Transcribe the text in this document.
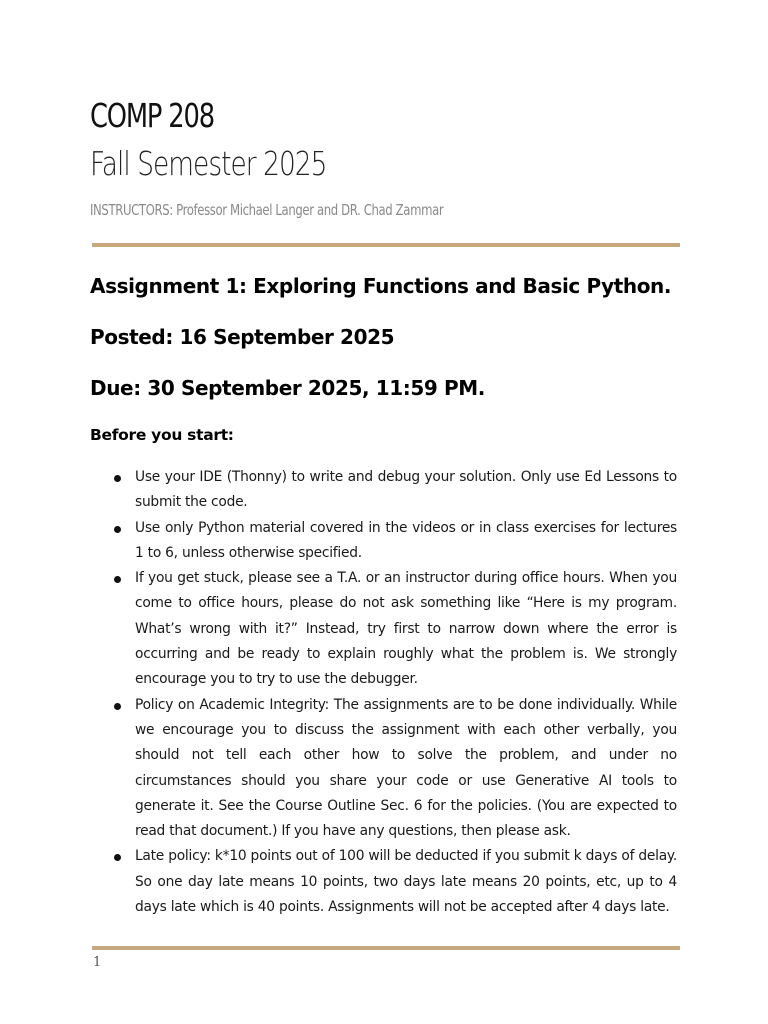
COMP 208
Fall Semester 2025

INSTRUCTORS: Professor Michael Langer and DR. Chad Zammar

Assignment 1: Exploring Functions and Basic Python.
Posted: 16 September 2025
Due: 30 September 2025, 11:59 PM.
Before you start:
Use your IDE (Thonny) to write and debug your solution. Only use Ed Lessons to submit the code.
Use only Python material covered in the videos or in class exercises for lectures 1 to 6, unless otherwise specified.
If you get stuck, please see a T.A. or an instructor during office hours. When you come to office hours, please do not ask something like “Here is my program. What’s wrong with it?” Instead, try first to narrow down where the error is occurring and be ready to explain roughly what the problem is. We strongly encourage you to try to use the debugger.
Policy on Academic Integrity: The assignments are to be done individually. While we encourage you to discuss the assignment with each other verbally, you should not tell each other how to solve the problem, and under no circumstances should you share your code or use Generative AI tools to generate it. See the Course Outline Sec. 6 for the policies. (You are expected to read that document.) If you have any questions, then please ask.
Late policy: k*10 points out of 100 will be deducted if you submit k days of delay. So one day late means 10 points, two days late means 20 points, etc, up to 4 days late which is 40 points. Assignments will not be accepted after 4 days late.

1
